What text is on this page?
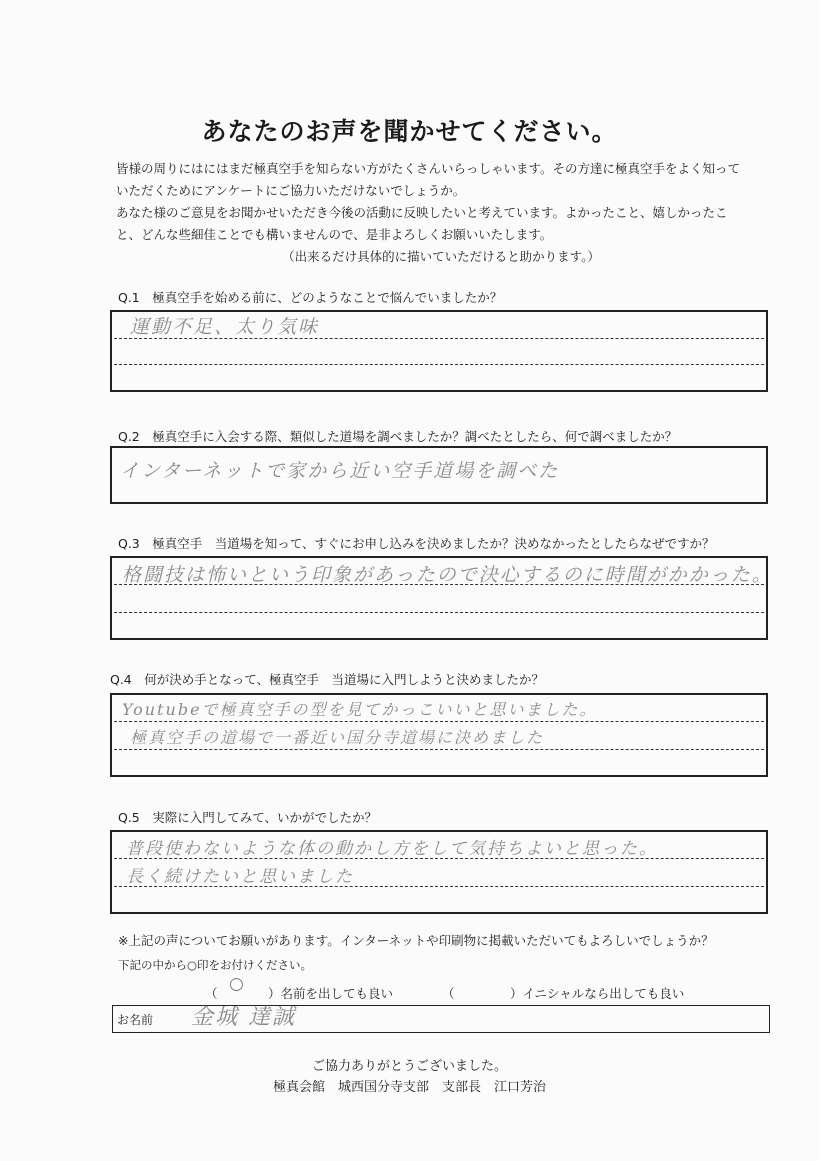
あなたのお声を聞かせてください。

皆様の周りにはにはまだ極真空手を知らない方がたくさんいらっしゃいます。その方達に極真空手をよく知って

いただくためにアンケートにご協力いただけないでしょうか。

あなた様のご意見をお聞かせいただき今後の活動に反映したいと考えています。よかったこと、嬉しかったこ

と、どんな些細佳ことでも構いませんので、是非よろしくお願いいたします。

（出来るだけ具体的に描いていただけると助かります。）

Q.1　極真空手を始める前に、どのようなことで悩んでいましたか？
運動不足、太り気味
Q.2　極真空手に入会する際、類似した道場を調べましたか？調べたとしたら、何で調べましたか？
インターネットで家から近い空手道場を調べた
Q.3　極真空手　当道場を知って、すぐにお申し込みを決めましたか？決めなかったとしたらなぜですか？
格闘技は怖いという印象があったので決心するのに時間がかかった。
Q.4　何が決め手となって、極真空手　当道場に入門しようと決めましたか？
Youtubeで極真空手の型を見てかっこいいと思いました。
極真空手の道場で一番近い国分寺道場に決めました
Q.5　実際に入門してみて、いかがでしたか？
普段使わないような体の動かし方をして気持ちよいと思った。
長く続けたいと思いました
※上記の声についてお願いがあります。インターネットや印刷物に掲載いただいてもよろしいでしょうか？
下記の中から○印をお付けください。
（ ○ ）名前を出しても良い	（	）イニシャルなら出しても良い
お名前 金城 達誠
ご協力ありがとうございました。
極真会館　城西国分寺支部　支部長　江口芳治
